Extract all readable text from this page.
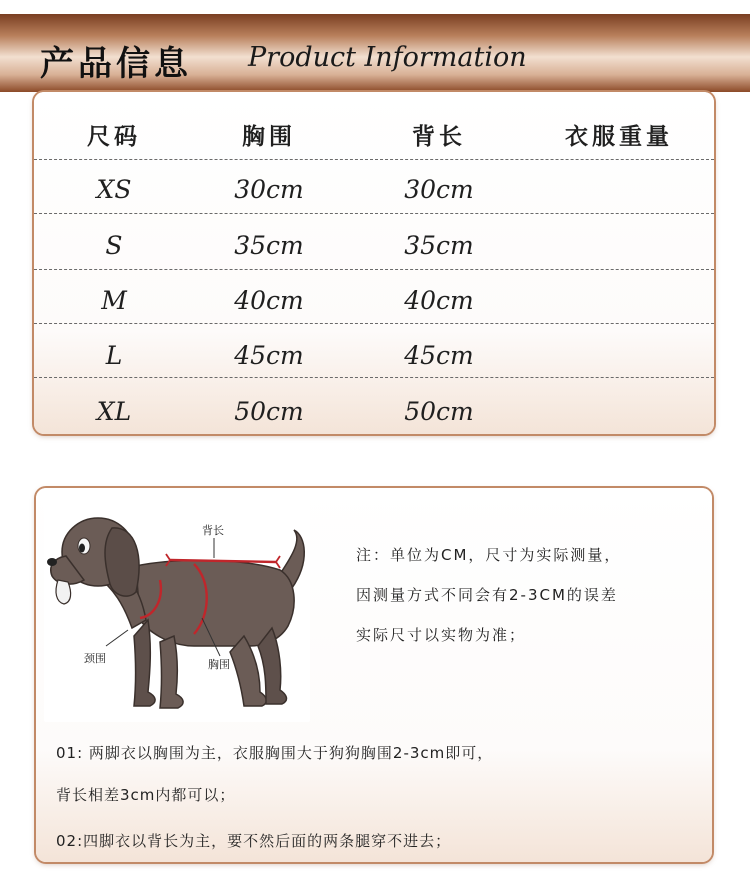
产品信息 Product Information
尺码	胸围	背长	衣服重量
XS	30cm	30cm
S	35cm	35cm
M	40cm	40cm
L	45cm	45cm
XL	50cm	50cm
背长
颈围	胸围
注：单位为CM，尺寸为实际测量，
因测量方式不同会有2-3CM的误差
实际尺寸以实物为准；
01: 两脚衣以胸围为主，衣服胸围大于狗狗胸围2-3cm即可，
背长相差3cm内都可以；
02:四脚衣以背长为主，要不然后面的两条腿穿不进去；
